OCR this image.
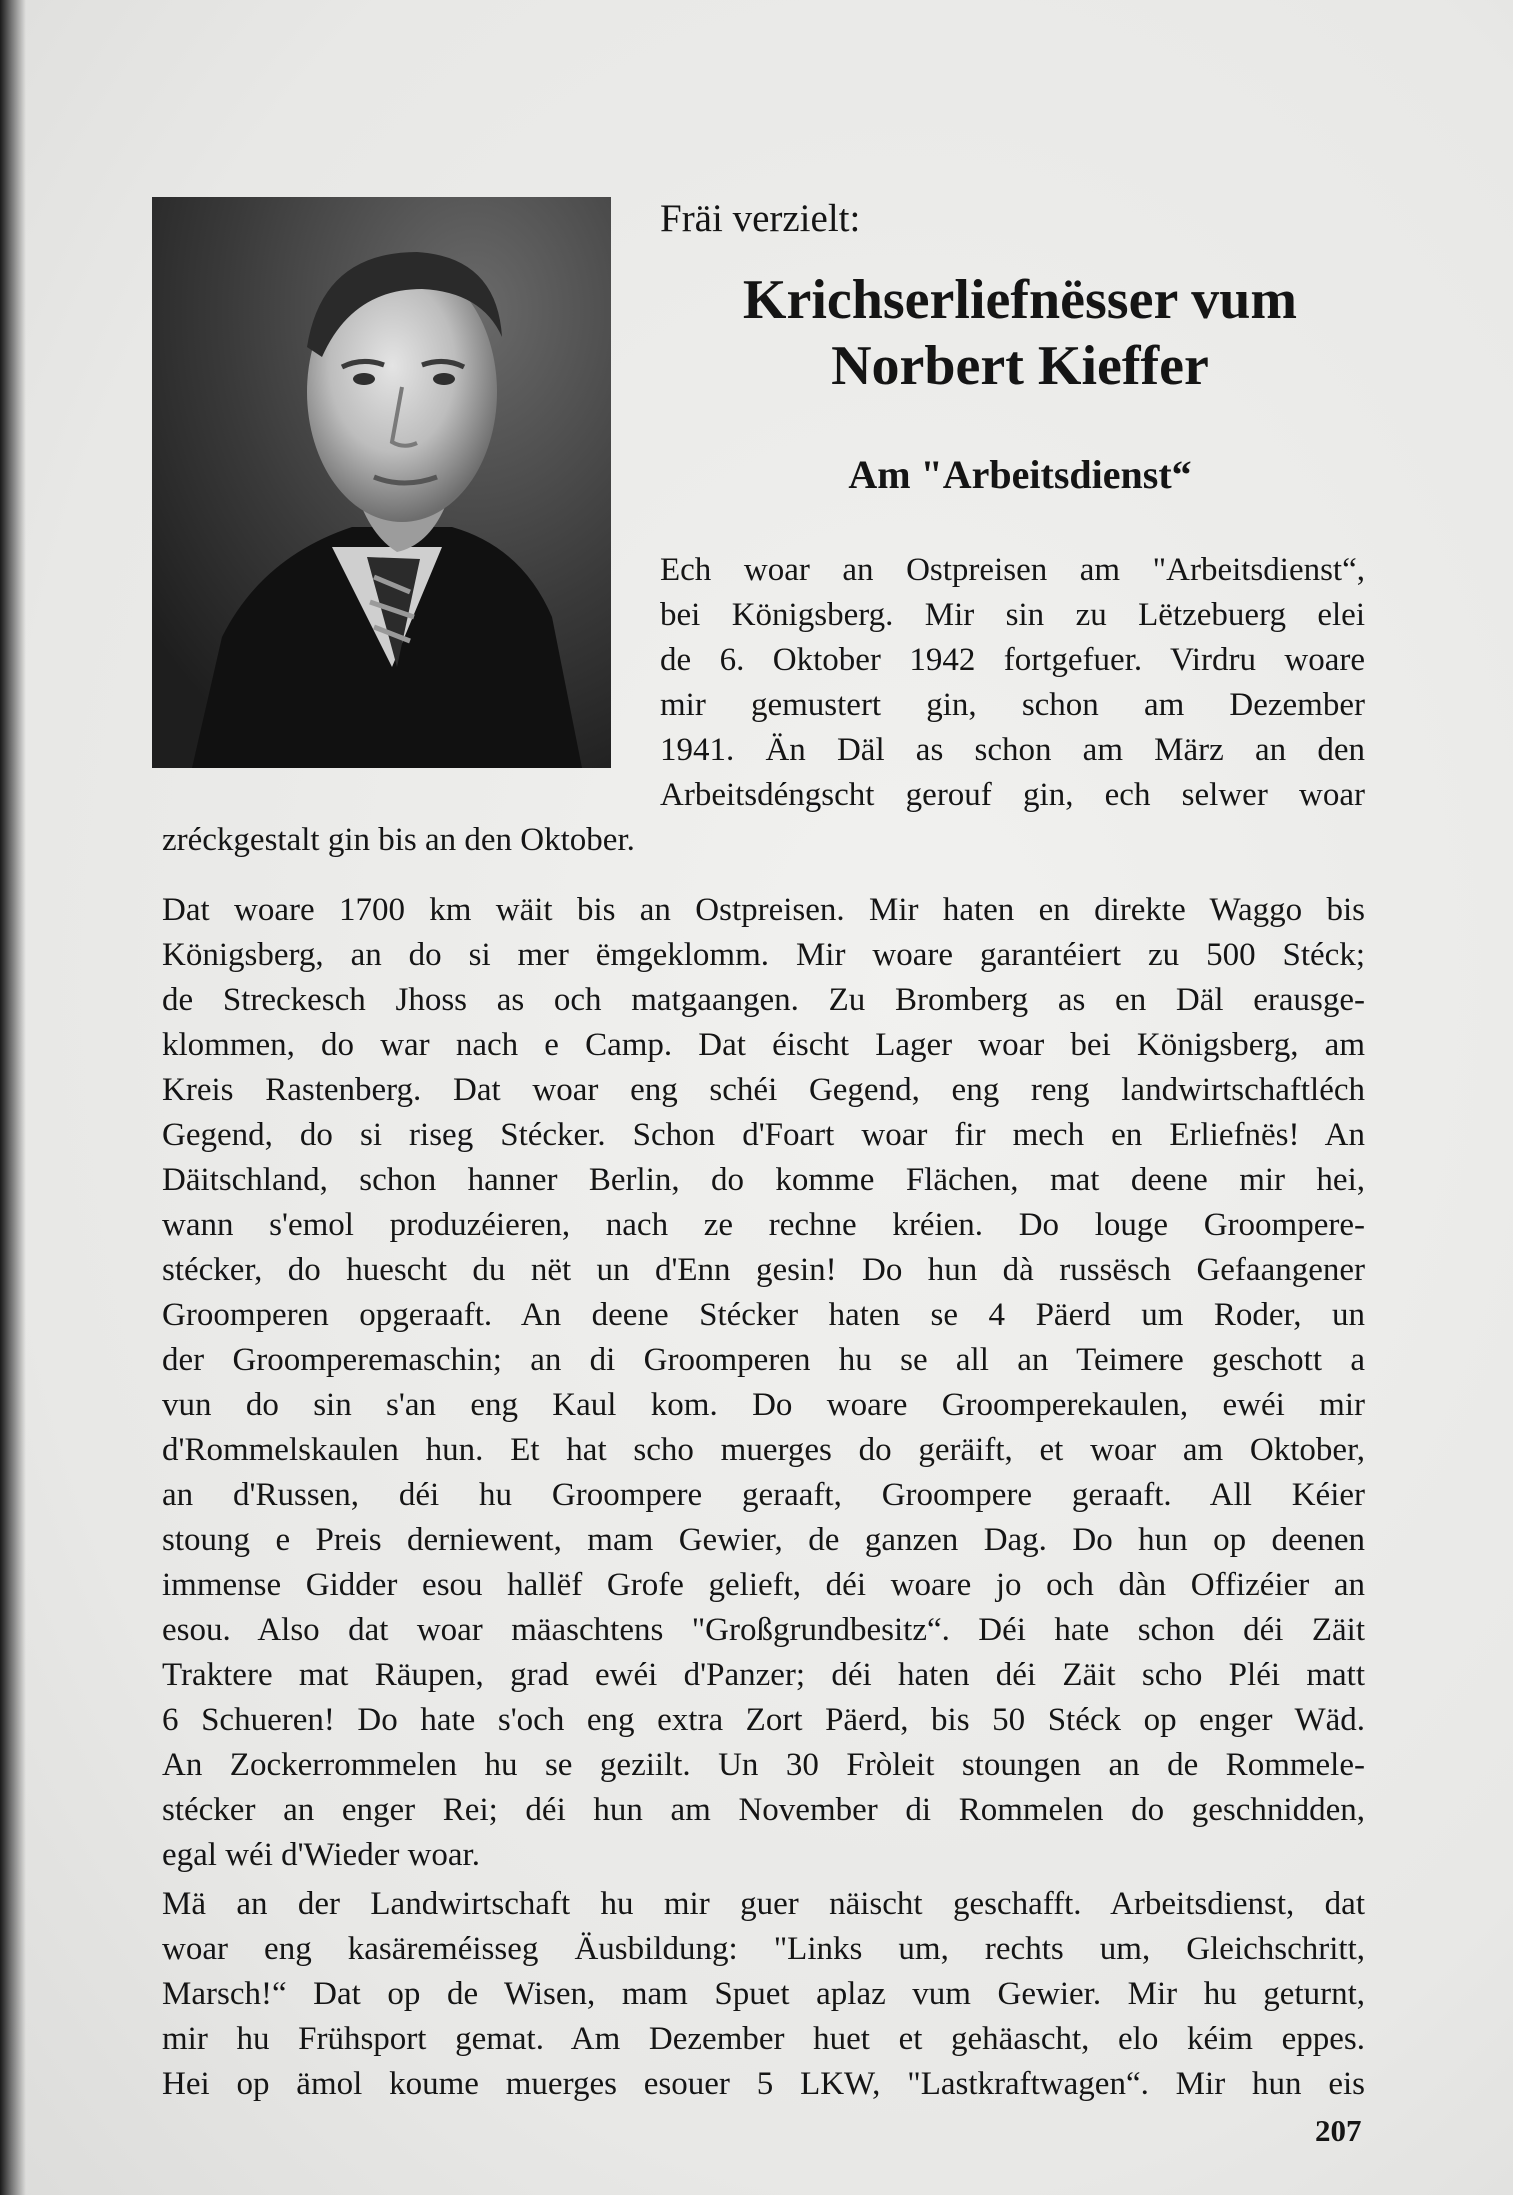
Fräi verzielt:

Krichserliefnësser vum
Norbert Kieffer
Am "Arbeitsdienst“

Ech woar an Ostpreisen am "Arbeitsdienst“,
bei Königsberg. Mir sin zu Lëtzebuerg elei
de 6. Oktober 1942 fortgefuer. Virdru woare
mir gemustert gin, schon am Dezember
1941. Än Däl as schon am März an den
Arbeitsdéngscht gerouf gin, ech selwer woar

zréckgestalt gin bis an den Oktober.

Dat woare 1700 km wäit bis an Ostpreisen. Mir haten en direkte Waggo bis
Königsberg, an do si mer ëmgeklomm. Mir woare garantéiert zu 500 Stéck;
de Streckesch Jhoss as och matgaangen. Zu Bromberg as en Däl erausge-
klommen, do war nach e Camp. Dat éischt Lager woar bei Königsberg, am
Kreis Rastenberg. Dat woar eng schéi Gegend, eng reng landwirtschaftléch
Gegend, do si riseg Stécker. Schon d'Foart woar fir mech en Erliefnës! An
Däitschland, schon hanner Berlin, do komme Flächen, mat deene mir hei,
wann s'emol produzéieren, nach ze rechne kréien. Do louge Groompere-
stécker, do huescht du nët un d'Enn gesin! Do hun dà russësch Gefaangener
Groomperen opgeraaft. An deene Stécker haten se 4 Päerd um Roder, un
der Groomperemaschin; an di Groomperen hu se all an Teimere geschott a
vun do sin s'an eng Kaul kom. Do woare Groomperekaulen, ewéi mir
d'Rommelskaulen hun. Et hat scho muerges do geräift, et woar am Oktober,
an d'Russen, déi hu Groompere geraaft, Groompere geraaft. All Kéier
stoung e Preis derniewent, mam Gewier, de ganzen Dag. Do hun op deenen
immense Gidder esou hallëf Grofe gelieft, déi woare jo och dàn Offizéier an
esou. Also dat woar mäaschtens "Großgrundbesitz“. Déi hate schon déi Zäit
Traktere mat Räupen, grad ewéi d'Panzer; déi haten déi Zäit scho Pléi matt
6 Schueren! Do hate s'och eng extra Zort Päerd, bis 50 Stéck op enger Wäd.
An Zockerrommelen hu se geziilt. Un 30 Fròleit stoungen an de Rommele-
stécker an enger Rei; déi hun am November di Rommelen do geschnidden,
egal wéi d'Wieder woar.

Mä an der Landwirtschaft hu mir guer näischt geschafft. Arbeitsdienst, dat
woar eng kasäreméisseg Äusbildung: "Links um, rechts um, Gleichschritt,
Marsch!“ Dat op de Wisen, mam Spuet aplaz vum Gewier. Mir hu geturnt,
mir hu Frühsport gemat. Am Dezember huet et gehäascht, elo kéim eppes.
Hei op ämol koume muerges esouer 5 LKW, "Lastkraftwagen“. Mir hun eis

207
